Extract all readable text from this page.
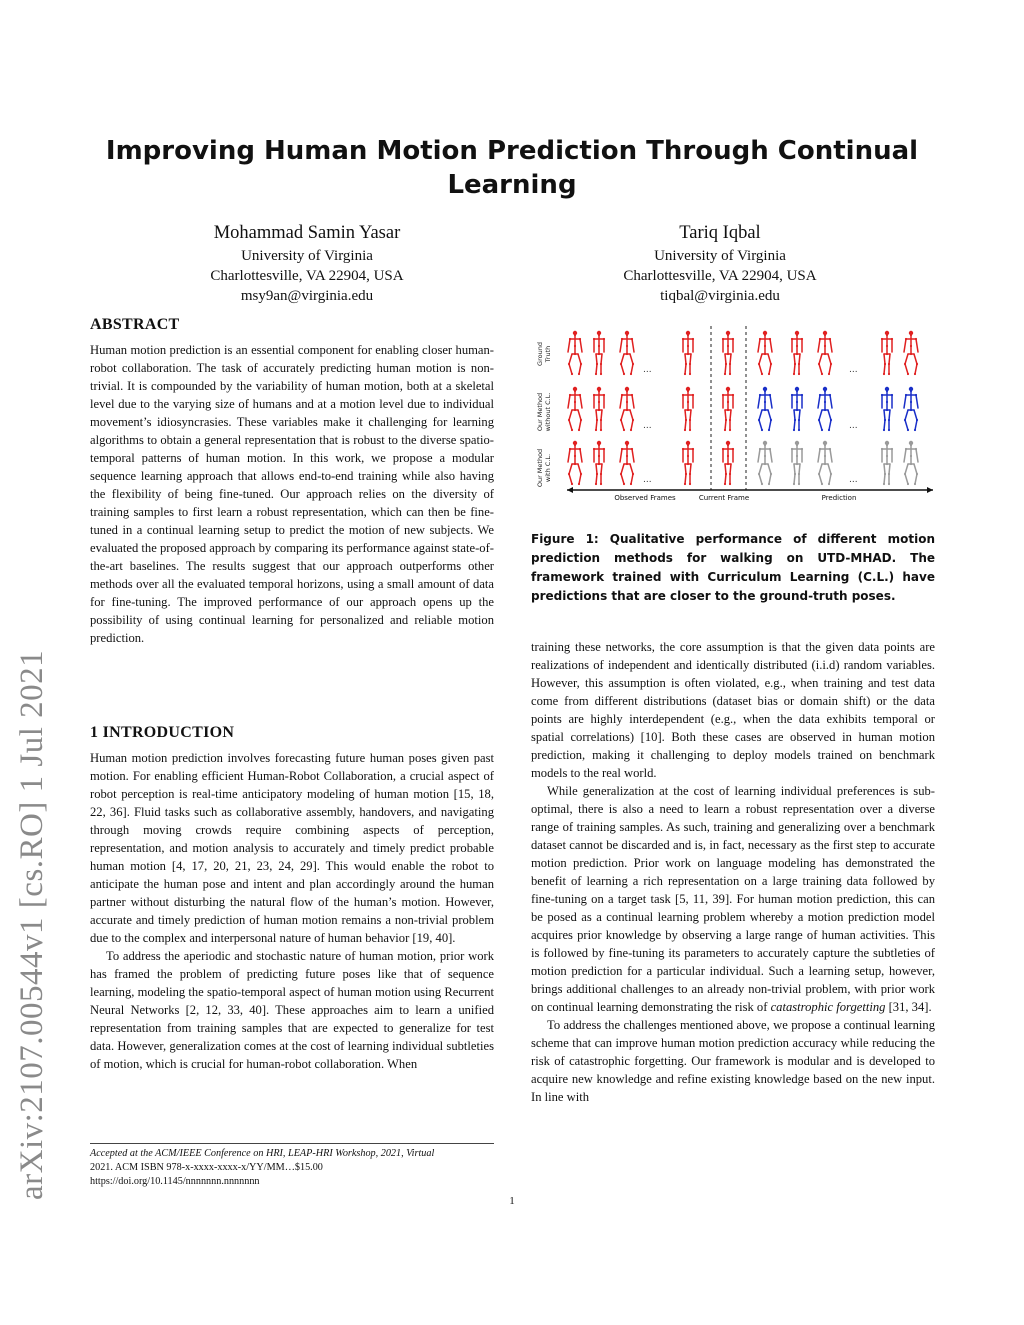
arXiv:2107.00544v1 [cs.RO] 1 Jul 2021
Improving Human Motion Prediction Through Continual Learning
Mohammad Samin Yasar
University of Virginia
Charlottesville, VA 22904, USA
msy9an@virginia.edu
Tariq Iqbal
University of Virginia
Charlottesville, VA 22904, USA
tiqbal@virginia.edu
ABSTRACT

Human motion prediction is an essential component for enabling closer human-robot collaboration. The task of accurately predicting human motion is non-trivial. It is compounded by the variability of human motion, both at a skeletal level due to the varying size of humans and at a motion level due to individual movement’s idiosyncrasies. These variables make it challenging for learning algorithms to obtain a general representation that is robust to the diverse spatio-temporal patterns of human motion. In this work, we propose a modular sequence learning approach that allows end-to-end training while also having the flexibility of being fine-tuned. Our approach relies on the diversity of training samples to first learn a robust representation, which can then be fine-tuned in a continual learning setup to predict the motion of new subjects. We evaluated the proposed approach by comparing its performance against state-of-the-art baselines. The results suggest that our approach outperforms other methods over all the evaluated temporal horizons, using a small amount of data for fine-tuning. The improved performance of our approach opens up the possibility of using continual learning for personalized and reliable motion prediction.

1 INTRODUCTION

Human motion prediction involves forecasting future human poses given past motion. For enabling efficient Human-Robot Collaboration, a crucial aspect of robot perception is real-time anticipatory modeling of human motion [15, 18, 22, 36]. Fluid tasks such as collaborative assembly, handovers, and navigating through moving crowds require combining aspects of perception, representation, and motion analysis to accurately and timely predict probable human motion [4, 17, 20, 21, 23, 24, 29]. This would enable the robot to anticipate the human pose and intent and plan accordingly around the human partner without disturbing the natural flow of the human’s motion. However, accurate and timely prediction of human motion remains a non-trivial problem due to the complex and interpersonal nature of human behavior [19, 40].

To address the aperiodic and stochastic nature of human motion, prior work has framed the problem of predicting future poses like that of sequence learning, modeling the spatio-temporal aspect of human motion using Recurrent Neural Networks [2, 12, 33, 40]. These approaches aim to learn a unified representation from training samples that are expected to generalize for test data. However, generalization comes at the cost of learning individual subtleties of motion, which is crucial for human-robot collaboration. When

Accepted at the ACM/IEEE Conference on HRI, LEAP-HRI Workshop, 2021, Virtual
2021. ACM ISBN 978-x-xxxx-xxxx-x/YY/MM…$15.00
https://doi.org/10.1145/nnnnnnn.nnnnnnn
Ground Truth
Our Method without C.L.
Our Method with C.L.
...	...
...	...
...	...
Observed Frames	Current Frame	Prediction
Figure 1: Qualitative performance of different motion prediction methods for walking on UTD-MHAD. The framework trained with Curriculum Learning (C.L.) have predictions that are closer to the ground-truth poses.

training these networks, the core assumption is that the given data points are realizations of independent and identically distributed (i.i.d) random variables. However, this assumption is often violated, e.g., when training and test data come from different distributions (dataset bias or domain shift) or the data points are highly interdependent (e.g., when the data exhibits temporal or spatial correlations) [10]. Both these cases are observed in human motion prediction, making it challenging to deploy models trained on benchmark models to the real world.

While generalization at the cost of learning individual preferences is sub-optimal, there is also a need to learn a robust representation over a diverse range of training samples. As such, training and generalizing over a benchmark dataset cannot be discarded and is, in fact, necessary as the first step to accurate motion prediction. Prior work on language modeling has demonstrated the benefit of learning a rich representation on a large training data followed by fine-tuning on a target task [5, 11, 39]. For human motion prediction, this can be posed as a continual learning problem whereby a motion prediction model acquires prior knowledge by observing a large range of human activities. This is followed by fine-tuning its parameters to accurately capture the subtleties of motion prediction for a particular individual. Such a learning setup, however, brings additional challenges to an already non-trivial problem, with prior work on continual learning demonstrating the risk of catastrophic forgetting [31, 34].

To address the challenges mentioned above, we propose a continual learning scheme that can improve human motion prediction accuracy while reducing the risk of catastrophic forgetting. Our framework is modular and is developed to acquire new knowledge and refine existing knowledge based on the new input. In line with

1
